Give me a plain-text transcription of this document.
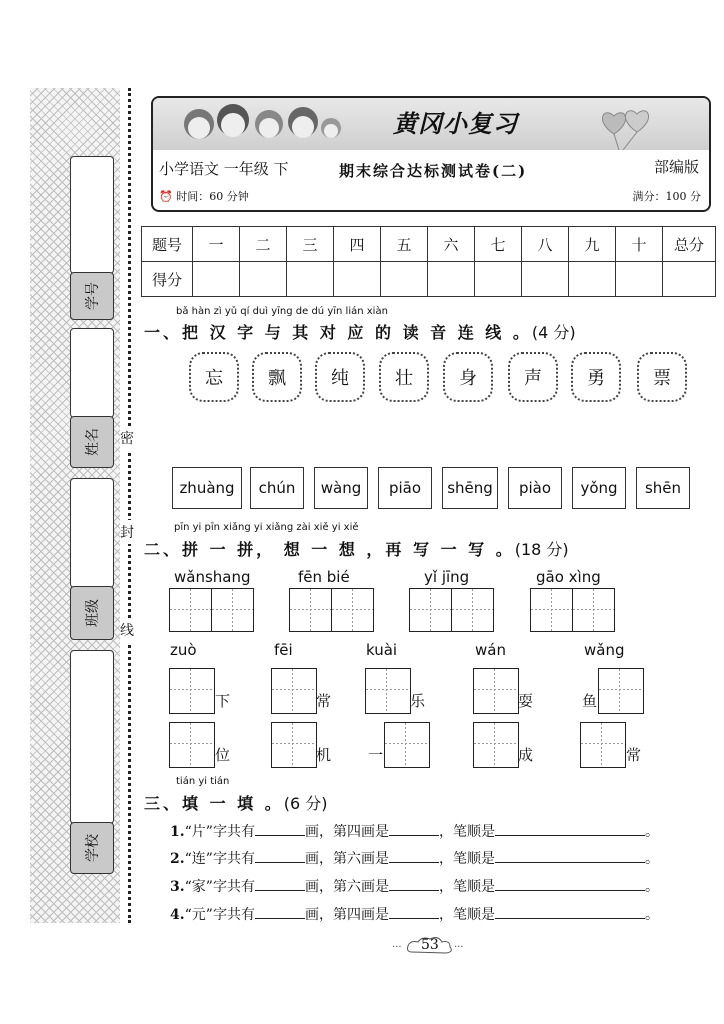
学号
姓名
班级
学校
密
封
线
黄冈小复习
小学语文 一年级 下	期末综合达标测试卷(二)	部编版
⏰ 时间：60 分钟	满分：100 分
题号	一	二	三	四	五	六	七	八	九	十	总分
得分											
bǎ hàn zì yǔ qí duì yīng de dú yīn lián xiàn
一、把 汉 字 与 其 对 应 的 读 音 连 线 。(4 分)
忘	飘	纯	壮	身	声	勇	票
zhuàng	chún	wàng	piāo	shēng	piào	yǒng	shēn
pīn yi pīn xiǎng yi xiǎng zài xiě yi xiě
二、拼 一 拼， 想 一 想 ，再 写 一 写 。(18 分)
wǎnshang	fēn bié	yǐ jīng	gāo xìng
zuò	fēi	kuài	wán	wǎng
下	常	乐	耍	鱼
位	机 一	成	常
tián yi tián
三、填 一 填 。(6 分)
1.“片”字共有	画，第四画是	，笔顺是	。
2.“连”字共有	画，第六画是	，笔顺是	。
3.“家”字共有	画，第六画是	，笔顺是	。
4.“元”字共有	画，第四画是	，笔顺是	。
···	···
53
